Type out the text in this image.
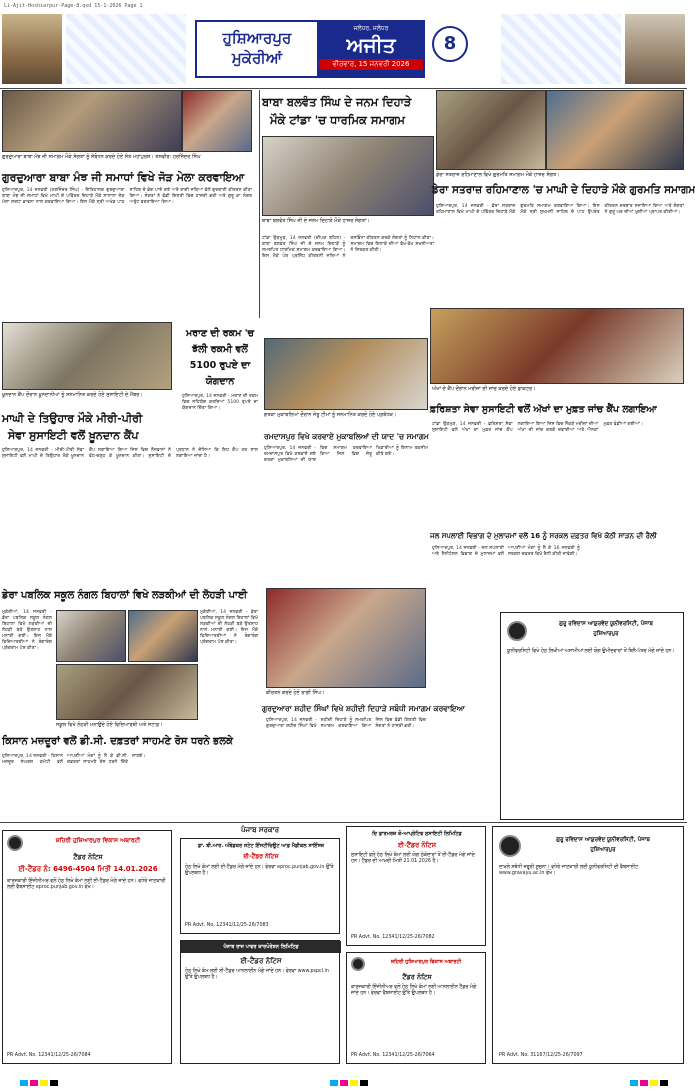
Li-Ajit-Hoshiarpur-Page-8.qxd 15-1-2026 Page 1
ਹੁਸ਼ਿਆਰਪੁਰ ਮੁਕੇਰੀਆਂ
ਜਲੰਧਰ, ਜਲੰਧਰ
ਅਜੀਤ
ਵੀਰਵਾਰ, 15 ਜਨਵਰੀ 2026
8
ਗੁਰਦੁਆਰਾ ਬਾਬਾ ਮੰਝ ਜੀ ਸਮਾਗਮ ਮੌਕੇ ਸੰਗਤਾਂ ਨੂੰ ਸੰਬੋਧਨ ਕਰਦੇ ਹੋਏ ਸੰਤ ਮਹਾਂਪੁਰਸ਼। ਤਸਵੀਰ: ਹਰਜਿੰਦਰ ਸਿੰਘ
ਗੁਰਦੁਆਰਾ ਬਾਬਾ ਮੰਝ ਜੀ ਸਮਾਧਾਂ ਵਿਖੇ ਜੋੜ ਮੇਲਾ ਕਰਵਾਇਆ
ਹੁਸ਼ਿਆਰਪੁਰ, 14 ਜਨਵਰੀ (ਹਰਜਿੰਦਰ ਸਿੰਘ) - ਇਤਿਹਾਸਕ ਗੁਰਦੁਆਰਾ ਬਾਬਾ ਮੰਝ ਜੀ ਸਮਾਧਾਂ ਵਿਖੇ ਮਾਘੀ ਦੇ ਪਵਿੱਤਰ ਦਿਹਾੜੇ ਮੌਕੇ ਸਾਲਾਨਾ ਜੋੜ ਮੇਲਾ ਸ਼ਰਧਾ ਭਾਵਨਾ ਨਾਲ ਕਰਵਾਇਆ ਗਿਆ। ਇਸ ਮੌਕੇ ਸ੍ਰੀ ਅਖੰਡ ਪਾਠ ਸਾਹਿਬ ਦੇ ਭੋਗ ਪਾਏ ਗਏ ਅਤੇ ਰਾਗੀ ਜਥਿਆਂ ਵੱਲੋਂ ਗੁਰਬਾਣੀ ਕੀਰਤਨ ਕੀਤਾ ਗਿਆ। ਸੰਗਤਾਂ ਨੇ ਵੱਡੀ ਗਿਣਤੀ ਵਿਚ ਹਾਜ਼ਰੀ ਭਰੀ ਅਤੇ ਗੁਰੂ ਕਾ ਲੰਗਰ ਅਤੁੱਟ ਵਰਤਾਇਆ ਗਿਆ।
ਬਾਬਾ ਬਲਵੰਤ ਸਿੰਘ ਦੇ ਜਨਮ ਦਿਹਾੜੇ
ਮੌਕੇ ਟਾਂਡਾ 'ਚ ਧਾਰਮਿਕ ਸਮਾਗਮ
ਬਾਬਾ ਬਲਵੰਤ ਸਿੰਘ ਜੀ ਦੇ ਜਨਮ ਦਿਹਾੜੇ ਮੌਕੇ ਹਾਜ਼ਰ ਸੰਗਤਾਂ।
ਟਾਂਡਾ ਉੜਮੁੜ, 14 ਜਨਵਰੀ (ਦੀਪਕ ਬਹਿਲ) - ਬਾਬਾ ਬਲਵੰਤ ਸਿੰਘ ਜੀ ਦੇ ਜਨਮ ਦਿਹਾੜੇ ਨੂੰ ਸਮਰਪਿਤ ਧਾਰਮਿਕ ਸਮਾਗਮ ਕਰਵਾਇਆ ਗਿਆ। ਇਸ ਮੌਕੇ ਪੰਥ ਪ੍ਰਸਿੱਧ ਕੀਰਤਨੀ ਜਥਿਆਂ ਨੇ ਰਸਭਿੰਨਾ ਕੀਰਤਨ ਕਰਕੇ ਸੰਗਤਾਂ ਨੂੰ ਨਿਹਾਲ ਕੀਤਾ। ਸਮਾਗਮ ਵਿਚ ਇਲਾਕੇ ਦੀਆਂ ਵੱਖ-ਵੱਖ ਸ਼ਖ਼ਸੀਅਤਾਂ ਨੇ ਸ਼ਿਰਕਤ ਕੀਤੀ।
ਡੇਰਾ ਸਤਰਾਜ਼ ਰਹਿਮਾਣਾਲ ਵਿਖੇ ਗੁਰਮਤਿ ਸਮਾਗਮ ਮੌਕੇ ਹਾਜ਼ਰ ਸੰਗਤ।
ਡੇਰਾ ਸਤਰਾਜ਼ ਰਹਿਮਾਣਾਲ 'ਚ ਮਾਘੀ ਦੇ ਦਿਹਾੜੇ ਮੌਕੇ ਗੁਰਮਤਿ ਸਮਾਗਮ
ਹੁਸ਼ਿਆਰਪੁਰ, 14 ਜਨਵਰੀ - ਡੇਰਾ ਸਤਰਾਜ਼ ਰਹਿਮਾਣਾਲ ਵਿਖੇ ਮਾਘੀ ਦੇ ਪਵਿੱਤਰ ਦਿਹਾੜੇ ਮੌਕੇ ਗੁਰਮਤਿ ਸਮਾਗਮ ਕਰਵਾਇਆ ਗਿਆ। ਇਸ ਮੌਕੇ ਸ੍ਰੀ ਸੁਖਮਨੀ ਸਾਹਿਬ ਦੇ ਪਾਠ ਉਪਰੰਤ ਕੀਰਤਨ ਦਰਬਾਰ ਸਜਾਇਆ ਗਿਆ ਅਤੇ ਸੰਗਤਾਂ ਨੇ ਗੁਰੂ ਘਰ ਦੀਆਂ ਖ਼ੁਸ਼ੀਆਂ ਪ੍ਰਾਪਤ ਕੀਤੀਆਂ।
ਖ਼ੂਨਦਾਨ ਕੈਂਪ ਦੌਰਾਨ ਖ਼ੂਨਦਾਨੀਆਂ ਨੂੰ ਸਨਮਾਨਿਤ ਕਰਦੇ ਹੋਏ ਸੁਸਾਇਟੀ ਦੇ ਮੈਂਬਰ।
ਮਾਘੀ ਦੇ ਤਿਉਹਾਰ ਮੌਕੇ ਮੀਰੀ-ਪੀਰੀ
ਸੇਵਾ ਸੁਸਾਇਟੀ ਵਲੋਂ ਖ਼ੂਨਦਾਨ ਕੈਂਪ
ਹੁਸ਼ਿਆਰਪੁਰ, 14 ਜਨਵਰੀ - ਮੀਰੀ-ਪੀਰੀ ਸੇਵਾ ਸੁਸਾਇਟੀ ਵਲੋਂ ਮਾਘੀ ਦੇ ਤਿਉਹਾਰ ਮੌਕੇ ਖ਼ੂਨਦਾਨ ਕੈਂਪ ਲਗਾਇਆ ਗਿਆ ਜਿਸ ਵਿਚ ਨੌਜਵਾਨਾਂ ਨੇ ਵੱਧ-ਚੜ੍ਹ ਕੇ ਖ਼ੂਨਦਾਨ ਕੀਤਾ। ਸੁਸਾਇਟੀ ਦੇ ਪ੍ਰਧਾਨ ਨੇ ਦੱਸਿਆ ਕਿ ਇਹ ਕੈਂਪ ਹਰ ਸਾਲ ਲਗਾਇਆ ਜਾਂਦਾ ਹੈ।
ਮਰਾਣ ਦੀ ਰਕਮ 'ਚ
ਝੱਲੀ ਰਕਮੀ ਵਲੋਂ
5100 ਰੁਪਏ ਦਾ
ਯੋਗਦਾਨ
ਹੁਸ਼ਿਆਰਪੁਰ, 14 ਜਨਵਰੀ - ਮਰਾਣ ਦੀ ਰਕਮ ਵਿਚ ਸਹਿਯੋਗ ਕਰਦਿਆਂ 5100 ਰੁਪਏ ਦਾ ਯੋਗਦਾਨ ਦਿੱਤਾ ਗਿਆ।
ਗਤਕਾ ਮੁਕਾਬਲਿਆਂ ਦੌਰਾਨ ਜੇਤੂ ਟੀਮਾਂ ਨੂੰ ਸਨਮਾਨਿਤ ਕਰਦੇ ਹੋਏ ਪ੍ਰਬੰਧਕ।
ਰਮਦਾਸਪੁਰ ਵਿਖੇ ਕਰਵਾਏ ਮੁਕਾਬਲਿਆਂ ਦੀ ਯਾਦ 'ਚ ਸਮਾਗਮ
ਹੁਸ਼ਿਆਰਪੁਰ, 14 ਜਨਵਰੀ - ਰਮਦਾਸਪੁਰ ਵਿਖੇ ਕਰਵਾਏ ਗਏ ਗਤਕਾ ਮੁਕਾਬਲਿਆਂ ਦੀ ਯਾਦ ਵਿਚ ਸਮਾਗਮ ਕਰਵਾਇਆ ਗਿਆ ਜਿਸ ਵਿਚ ਜੇਤੂ ਖਿਡਾਰੀਆਂ ਨੂੰ ਇਨਾਮ ਤਕਸੀਮ ਕੀਤੇ ਗਏ।
ਅੱਖਾਂ ਦੇ ਕੈਂਪ ਦੌਰਾਨ ਮਰੀਜ਼ਾਂ ਦੀ ਜਾਂਚ ਕਰਦੇ ਹੋਏ ਡਾਕਟਰ।
ਫ਼ਰਿਸ਼ਤਾ ਸੇਵਾ ਸੁਸਾਇਟੀ ਵਲੋਂ ਅੱਖਾਂ ਦਾ ਮੁਫ਼ਤ ਜਾਂਚ ਕੈਂਪ ਲਗਾਇਆ
ਟਾਂਡਾ ਉੜਮੁੜ, 14 ਜਨਵਰੀ - ਫ਼ਰਿਸ਼ਤਾ ਸੇਵਾ ਸੁਸਾਇਟੀ ਵਲੋਂ ਅੱਖਾਂ ਦਾ ਮੁਫ਼ਤ ਜਾਂਚ ਕੈਂਪ ਲਗਾਇਆ ਗਿਆ ਜਿਸ ਵਿਚ ਸੈਂਕੜੇ ਮਰੀਜ਼ਾਂ ਦੀਆਂ ਅੱਖਾਂ ਦੀ ਜਾਂਚ ਕਰਕੇ ਦਵਾਈਆਂ ਅਤੇ ਐਨਕਾਂ ਮੁਫ਼ਤ ਵੰਡੀਆਂ ਗਈਆਂ।
ਜਲ ਸਪਲਾਈ ਵਿਭਾਗ ਦੇ ਮੁਲਾਜ਼ਮਾਂ ਵਲੋਂ 16 ਨੂੰ ਸਰਕਲ ਦਫ਼ਤਰ ਵਿਖੇ ਕੋਠੀ ਸਾੜਨ ਦੀ ਰੈਲੀ
ਹੁਸ਼ਿਆਰਪੁਰ, 14 ਜਨਵਰੀ - ਜਲ ਸਪਲਾਈ ਅਤੇ ਸੈਨੀਟੇਸ਼ਨ ਵਿਭਾਗ ਦੇ ਮੁਲਾਜ਼ਮਾਂ ਵਲੋਂ ਆਪਣੀਆਂ ਮੰਗਾਂ ਨੂੰ ਲੈ ਕੇ 16 ਜਨਵਰੀ ਨੂੰ ਸਰਕਲ ਦਫ਼ਤਰ ਵਿਖੇ ਰੈਲੀ ਕੀਤੀ ਜਾਵੇਗੀ।
ਡੇਰਾ ਪਬਲਿਕ ਸਕੂਲ ਨੰਗਲ ਬਿਹਾਲਾਂ ਵਿਖੇ ਲੜਕੀਆਂ ਦੀ ਲੋਹੜੀ ਪਾਈ
ਸਕੂਲ ਵਿਖੇ ਲੋਹੜੀ ਮਨਾਉਂਦੇ ਹੋਏ ਵਿਦਿਆਰਥੀ ਅਤੇ ਸਟਾਫ਼।
ਮੁਕੇਰੀਆਂ, 14 ਜਨਵਰੀ - ਡੇਰਾ ਪਬਲਿਕ ਸਕੂਲ ਨੰਗਲ ਬਿਹਾਲਾਂ ਵਿਖੇ ਲੜਕੀਆਂ ਦੀ ਲੋਹੜੀ ਬੜੇ ਉਤਸ਼ਾਹ ਨਾਲ ਮਨਾਈ ਗਈ। ਇਸ ਮੌਕੇ ਵਿਦਿਆਰਥੀਆਂ ਨੇ ਰੰਗਾਰੰਗ ਪ੍ਰੋਗਰਾਮ ਪੇਸ਼ ਕੀਤਾ।
ਮੁਕੇਰੀਆਂ, 14 ਜਨਵਰੀ - ਡੇਰਾ ਪਬਲਿਕ ਸਕੂਲ ਨੰਗਲ ਬਿਹਾਲਾਂ ਵਿਖੇ ਲੜਕੀਆਂ ਦੀ ਲੋਹੜੀ ਬੜੇ ਉਤਸ਼ਾਹ ਨਾਲ ਮਨਾਈ ਗਈ। ਇਸ ਮੌਕੇ ਵਿਦਿਆਰਥੀਆਂ ਨੇ ਰੰਗਾਰੰਗ ਪ੍ਰੋਗਰਾਮ ਪੇਸ਼ ਕੀਤਾ।
ਕੀਰਤਨ ਕਰਦੇ ਹੋਏ ਰਾਗੀ ਸਿੰਘ।
ਗੁਰਦੁਆਰਾ ਸ਼ਹੀਦ ਸਿੰਘਾਂ ਵਿਖੇ ਸ਼ਹੀਦੀ ਦਿਹਾੜੇ ਸਬੰਧੀ ਸਮਾਗਮ ਕਰਵਾਇਆ
ਹੁਸ਼ਿਆਰਪੁਰ, 14 ਜਨਵਰੀ - ਗੁਰਦੁਆਰਾ ਸ਼ਹੀਦ ਸਿੰਘਾਂ ਵਿਖੇ ਸ਼ਹੀਦੀ ਦਿਹਾੜੇ ਨੂੰ ਸਮਰਪਿਤ ਸਮਾਗਮ ਕਰਵਾਇਆ ਗਿਆ ਜਿਸ ਵਿਚ ਵੱਡੀ ਗਿਣਤੀ ਵਿਚ ਸੰਗਤਾਂ ਨੇ ਹਾਜ਼ਰੀ ਭਰੀ।
ਕਿਸਾਨ ਮਜ਼ਦੂਰਾਂ ਵਲੋਂ ਡੀ.ਸੀ. ਦਫ਼ਤਰਾਂ ਸਾਹਮਣੇ ਰੋਸ ਧਰਨੇ ਭਲਕੇ
ਹੁਸ਼ਿਆਰਪੁਰ, 14 ਜਨਵਰੀ - ਕਿਸਾਨ ਮਜ਼ਦੂਰ ਸੰਘਰਸ਼ ਕਮੇਟੀ ਵਲੋਂ ਆਪਣੀਆਂ ਮੰਗਾਂ ਨੂੰ ਲੈ ਕੇ ਡੀ.ਸੀ. ਦਫ਼ਤਰਾਂ ਸਾਹਮਣੇ ਰੋਸ ਧਰਨੇ ਦਿੱਤੇ ਜਾਣਗੇ।
ਸ਼ਹਿਰੀ ਹੁਸ਼ਿਆਰਪੁਰ ਵਿਕਾਸ ਅਥਾਰਟੀ
ਟੈਂਡਰ ਨੋਟਿਸ
ਈ-ਟੈਂਡਰ ਨੰ: 6496-4504 ਮਿਤੀ 14.01.2026
ਕਾਰਜਕਾਰੀ ਇੰਜੀਨੀਅਰ ਵਲੋਂ ਹੇਠ ਲਿਖੇ ਕੰਮਾਂ ਲਈ ਈ-ਟੈਂਡਰ ਮੰਗੇ ਜਾਂਦੇ ਹਨ। ਵਧੇਰੇ ਜਾਣਕਾਰੀ ਲਈ ਵੈਬਸਾਈਟ eproc.punjab.gov.in ਵੇਖੋ।
PR Advt. No. 12341/12/25-26/7084
ਪੰਜਾਬ ਸਰਕਾਰ
ਡਾ. ਬੀ.ਆਰ. ਅੰਬੇਡਕਰ ਸਟੇਟ ਇੰਸਟੀਚਿਊਟ ਆਫ਼ ਮੈਡੀਕਲ ਸਾਇੰਸਜ਼
ਈ-ਟੈਂਡਰ ਨੋਟਿਸ
ਹੇਠ ਲਿਖੇ ਕੰਮਾਂ ਲਈ ਈ-ਟੈਂਡਰ ਮੰਗੇ ਜਾਂਦੇ ਹਨ। ਵੇਰਵਾ eproc.punjab.gov.in ਉੱਤੇ ਉਪਲਬਧ ਹੈ।
PR Advt. No. 12341/12/25-26/7083
ਪੰਜਾਬ ਰਾਜ ਪਾਵਰ ਕਾਰਪੋਰੇਸ਼ਨ ਲਿਮਿਟਿਡ
ਈ-ਟੈਂਡਰ ਨੋਟਿਸ
ਹੇਠ ਲਿਖੇ ਕੰਮ ਲਈ ਈ-ਟੈਂਡਰ ਆਨਲਾਈਨ ਮੰਗੇ ਜਾਂਦੇ ਹਨ। ਵੇਰਵਾ www.pspcl.in ਉੱਤੇ ਉਪਲਬਧ ਹੈ।
ਦਿ ਫ਼ਾਰਮਰਜ਼ ਕੋ-ਆਪ੍ਰੇਟਿਵ ਸੁਸਾਇਟੀ ਲਿਮਿਟਿਡ
ਈ-ਟੈਂਡਰ ਨੋਟਿਸ
ਸੁਸਾਇਟੀ ਵਲੋਂ ਹੇਠ ਲਿਖੇ ਕੰਮਾਂ ਲਈ ਯੋਗ ਠੇਕੇਦਾਰਾਂ ਤੋਂ ਈ-ਟੈਂਡਰ ਮੰਗੇ ਜਾਂਦੇ ਹਨ। ਟੈਂਡਰ ਦੀ ਆਖ਼ਰੀ ਮਿਤੀ 21.01.2026 ਹੈ।
PR Advt. No. 12341/12/25-26/7082
ਸ਼ਹਿਰੀ ਹੁਸ਼ਿਆਰਪੁਰ ਵਿਕਾਸ ਅਥਾਰਟੀ
ਟੈਂਡਰ ਨੋਟਿਸ
ਕਾਰਜਕਾਰੀ ਇੰਜੀਨੀਅਰ ਵਲੋਂ ਹੇਠ ਲਿਖੇ ਕੰਮਾਂ ਲਈ ਆਨਲਾਈਨ ਟੈਂਡਰ ਮੰਗੇ ਜਾਂਦੇ ਹਨ। ਵੇਰਵਾ ਵੈਬਸਾਈਟ ਉੱਤੇ ਉਪਲਬਧ ਹੈ।
PR Advt. No. 12341/12/25-26/7064
ਗੁਰੂ ਰਵਿਦਾਸ ਆਯੁਰਵੇਦ ਯੂਨੀਵਰਸਿਟੀ, ਪੰਜਾਬ
ਹੁਸ਼ਿਆਰਪੁਰ
ਯੂਨੀਵਰਸਿਟੀ ਵਿਖੇ ਹੇਠ ਲਿਖੀਆਂ ਅਸਾਮੀਆਂ ਲਈ ਯੋਗ ਉਮੀਦਵਾਰਾਂ ਤੋਂ ਬਿਨੈ-ਪੱਤਰ ਮੰਗੇ ਜਾਂਦੇ ਹਨ।
ਗੁਰੂ ਰਵਿਦਾਸ ਆਯੁਰਵੇਦ ਯੂਨੀਵਰਸਿਟੀ, ਪੰਜਾਬ
ਹੁਸ਼ਿਆਰਪੁਰ
ਦਾਖ਼ਲੇ ਸਬੰਧੀ ਜ਼ਰੂਰੀ ਸੂਚਨਾ। ਵਧੇਰੇ ਜਾਣਕਾਰੀ ਲਈ ਯੂਨੀਵਰਸਿਟੀ ਦੀ ਵੈਬਸਾਈਟ www.gravayu.ac.in ਵੇਖੋ।
PR Advt. No. 31167/12/25-26/7097
